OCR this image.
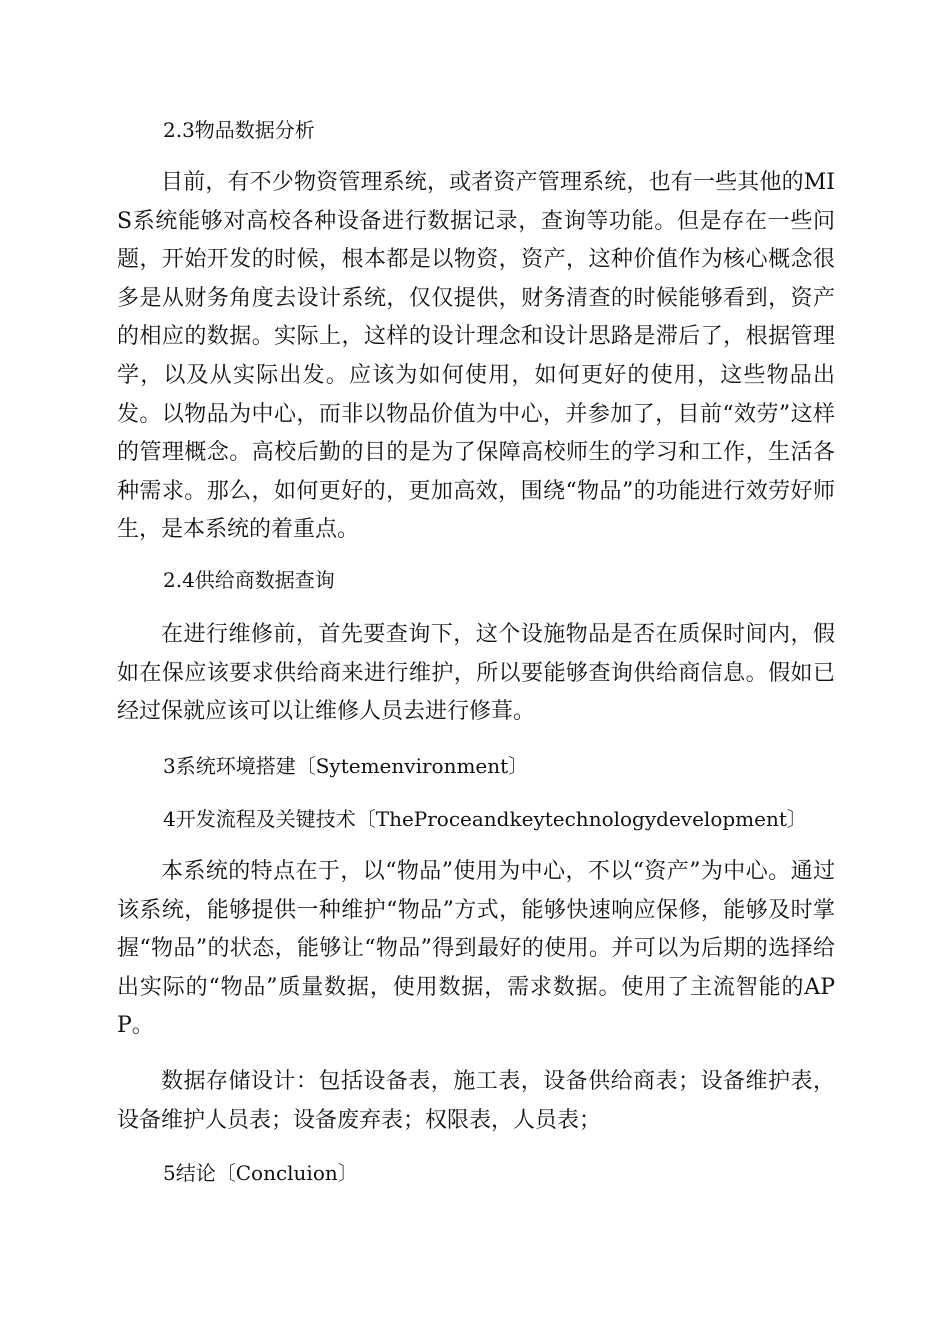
2.3物品数据分析

目前，有不少物资管理系统，或者资产管理系统，也有一些其他的MIS系统能够对高校各种设备进行数据记录，查询等功能。但是存在一些问题，开始开发的时候，根本都是以物资，资产，这种价值作为核心概念很多是从财务角度去设计系统，仅仅提供，财务清查的时候能够看到，资产的相应的数据。实际上，这样的设计理念和设计思路是滞后了，根据管理学，以及从实际出发。应该为如何使用，如何更好的使用，这些物品出发。以物品为中心，而非以物品价值为中心，并参加了，目前“效劳”这样的管理概念。高校后勤的目的是为了保障高校师生的学习和工作，生活各种需求。那么，如何更好的，更加高效，围绕“物品”的功能进行效劳好师生，是本系统的着重点。

2.4供给商数据查询

在进行维修前，首先要查询下，这个设施物品是否在质保时间内，假如在保应该要求供给商来进行维护，所以要能够查询供给商信息。假如已经过保就应该可以让维修人员去进行修葺。

3系统环境搭建〔Sytemenvironment〕
4开发流程及关键技术〔TheProceandkeytechnologydevelopment〕

本系统的特点在于，以“物品”使用为中心，不以“资产”为中心。通过该系统，能够提供一种维护“物品”方式，能够快速响应保修，能够及时掌握“物品”的状态，能够让“物品”得到最好的使用。并可以为后期的选择给出实际的“物品”质量数据，使用数据，需求数据。使用了主流智能的APP。

数据存储设计：包括设备表，施工表，设备供给商表；设备维护表，设备维护人员表；设备废弃表；权限表，人员表；

5结论〔Concluion〕
